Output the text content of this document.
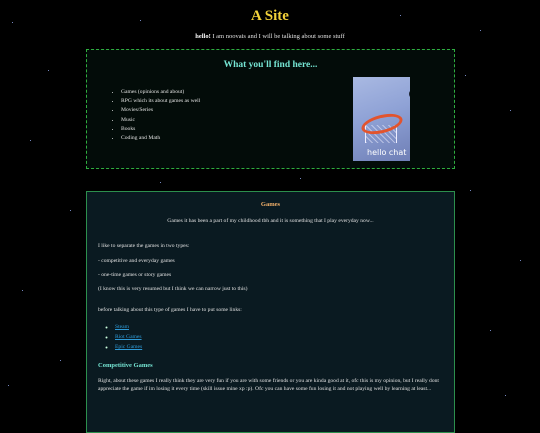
A Site
hello! I am noovais and I will be talking about some stuff
What you'll find here...
• Games (opinions and about)
• RPG which its about games as well
• Movies/Series
• Music
• Books
• Coding and Math
hello chat
Games
Games it has been a part of my childhood tbh and it is something that I play everyday now...
I like to separate the games in two types:
- competitive and everyday games
- one-time games or story games
(I know this is very resumed but I think we can narrow just to this)
before talking about this type of games I have to put some links:
◦ Steam
◦ Riot Games
◦ Epic Games
Competitive Games
Right, about these games I really think they are very fun if you are with some friends or you are kinda good at it, ofc this is my opinion, but I really dont appreciate the game if im losing it every time (skill issue mine xp :p). Ofc you can have some fun losing it and not playing well by learning at least...
